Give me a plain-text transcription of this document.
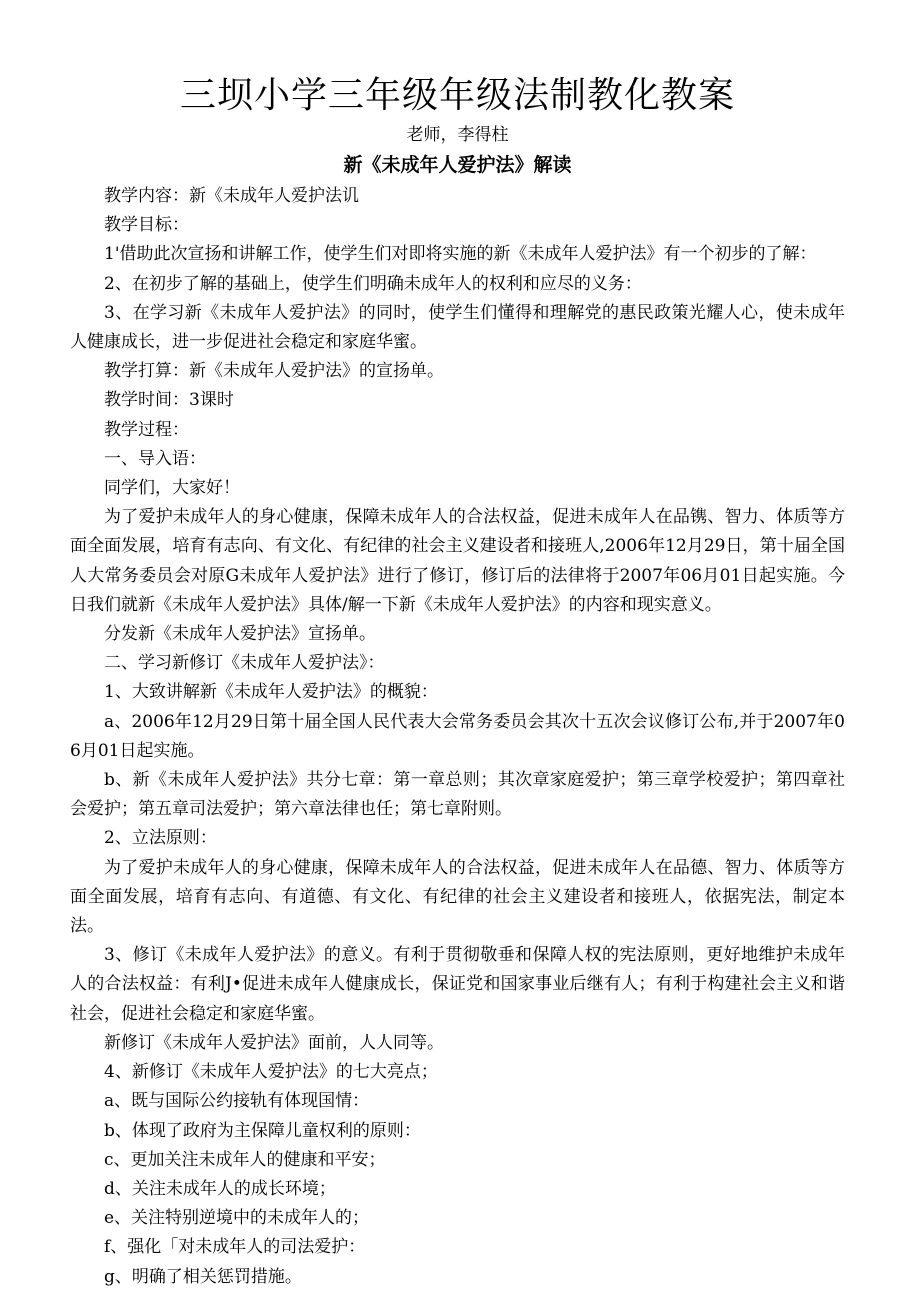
三坝小学三年级年级法制教化教案

老师，李得柱

新《未成年人爱护法》解读

教学内容：新《未成年人爱护法讥

教学目标：

1'借助此次宣扬和讲解工作，使学生们对即将实施的新《未成年人爱护法》有一个初步的了解：

2、在初步了解的基础上，使学生们明确未成年人的权利和应尽的义务：

3、在学习新《未成年人爱护法》的同时，使学生们懂得和理解党的惠民政策光耀人心，使未成年人健康成长，进一步促进社会稳定和家庭华蜜。

教学打算：新《未成年人爱护法》的宣扬单。

教学时间：3课时

教学过程：

一、导入语：

同学们，大家好！

为了爱护未成年人的身心健康，保障未成年人的合法权益，促进未成年人在品镌、智力、体质等方面全面发展，培育有志向、有文化、有纪律的社会主义建设者和接班人,2006年12月29日，第十届全国人大常务委员会对原G未成年人爱护法》进行了修订，修订后的法律将于2007年06月01日起实施。今日我们就新《未成年人爱护法》具体/解一下新《未成年人爱护法》的内容和现实意义。

分发新《未成年人爱护法》宣扬单。

二、学习新修订《未成年人爱护法》：

1、大致讲解新《未成年人爱护法》的概貌：

a、2006年12月29日第十届全国人民代表大会常务委员会其次十五次会议修订公布,并于2007年06月01日起实施。

b、新《未成年人爱护法》共分七章：第一章总则；其次章家庭爱护；第三章学校爱护；第四章社会爱护；第五章司法爱护；第六章法律也任；第七章附则。

2、立法原则：

为了爱护未成年人的身心健康，保障未成年人的合法权益，促进未成年人在品德、智力、体质等方面全面发展，培育有志向、有道德、有文化、有纪律的社会主义建设者和接班人，依据宪法，制定本法。

3、修订《未成年人爱护法》的意义。有利于贯彻敬垂和保障人权的宪法原则，更好地维护未成年人的合法权益：有利J•促进未成年人健康成长，保证党和国家事业后继有人；有利于构建社会主义和谐社会，促进社会稳定和家庭华蜜。

新修订《未成年人爱护法》面前，人人同等。

4、新修订《未成年人爱护法》的七大亮点；

a、既与国际公约接轨有体现国情：

b、体现了政府为主保障儿童权利的原则：

c、更加关注未成年人的健康和平安；

d、关注未成年人的成长环境；

e、关注特别逆境中的未成年人的；

f、强化「对未成年人的司法爱护：

g、明确了相关惩罚措施。
